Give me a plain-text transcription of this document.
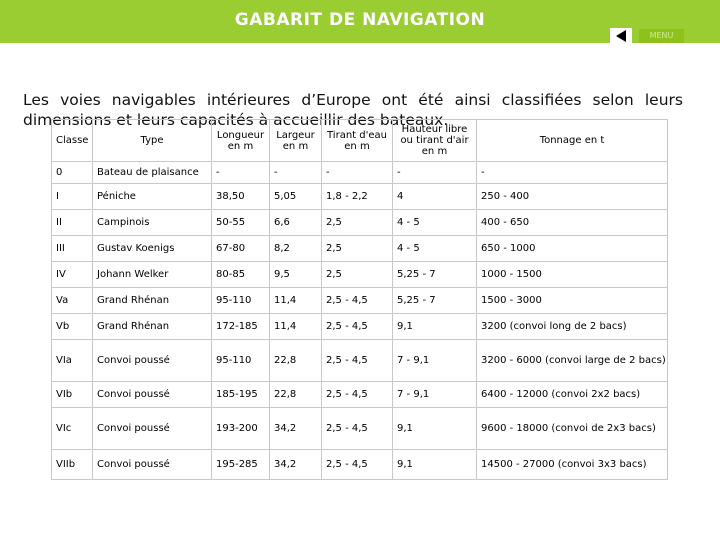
GABARIT DE NAVIGATION
MENU

Les voies navigables intérieures d’Europe ont été ainsi classifiées selon leurs dimensions et leurs capacités à accueillir des bateaux.

Classe	Type	Longueur en m	Largeur en m	Tirant d'eau en m	Hauteur libre ou tirant d'air en m	Tonnage en t
0	Bateau de plaisance	-	-	-	-	-
I	Péniche	38,50	5,05	1,8 - 2,2	4	250 - 400
II	Campinois	50-55	6,6	2,5	4 - 5	400 - 650
III	Gustav Koenigs	67-80	8,2	2,5	4 - 5	650 - 1000
IV	Johann Welker	80-85	9,5	2,5	5,25 - 7	1000 - 1500
Va	Grand Rhénan	95-110	11,4	2,5 - 4,5	5,25 - 7	1500 - 3000
Vb	Grand Rhénan	172-185	11,4	2,5 - 4,5	9,1	3200 (convoi long de 2 bacs)
VIa	Convoi poussé	95-110	22,8	2,5 - 4,5	7 - 9,1	3200 - 6000 (convoi large de 2 bacs)
VIb	Convoi poussé	185-195	22,8	2,5 - 4,5	7 - 9,1	6400 - 12000 (convoi 2x2 bacs)
VIc	Convoi poussé	193-200	34,2	2,5 - 4,5	9,1	9600 - 18000 (convoi de 2x3 bacs)
VIIb	Convoi poussé	195-285	34,2	2,5 - 4,5	9,1	14500 - 27000 (convoi 3x3 bacs)
